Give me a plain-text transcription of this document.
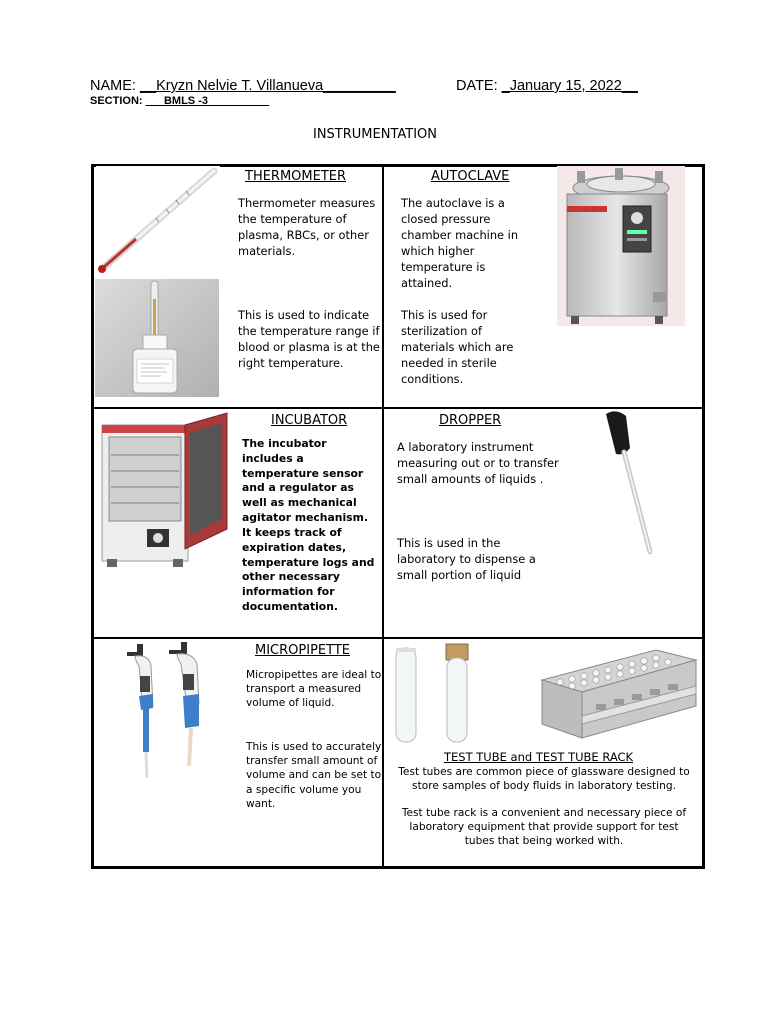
NAME: __Kryzn Nelvie T. Villanueva_________	DATE: _January 15, 2022__
SECTION: ___BMLS -3__________
INSTRUMENTATION
THERMOMETER
Thermometer measures the temperature of plasma, RBCs, or other materials.
This is used to indicate the temperature range if blood or plasma is at the right temperature.
AUTOCLAVE
The autoclave is a closed pressure chamber machine in which higher temperature is attained.
This is used for sterilization of materials which are needed in sterile conditions.
INCUBATOR
The incubator includes a temperature sensor and a regulator as well as mechanical agitator mechanism.
It keeps track of expiration dates, temperature logs and other necessary information for documentation.
DROPPER
A laboratory instrument measuring out or to transfer small amounts of liquids .
This is used in the laboratory to dispense a small portion of liquid
MICROPIPETTE
Micropipettes are ideal to transport a measured volume of liquid.
This is used to accurately transfer small amount of volume and can be set to a specific volume you want.
TEST TUBE and TEST TUBE RACK
Test tubes are common piece of glassware designed to store samples of body fluids in laboratory testing.
Test tube rack is a convenient and necessary piece of laboratory equipment that provide support for test tubes that being worked with.
